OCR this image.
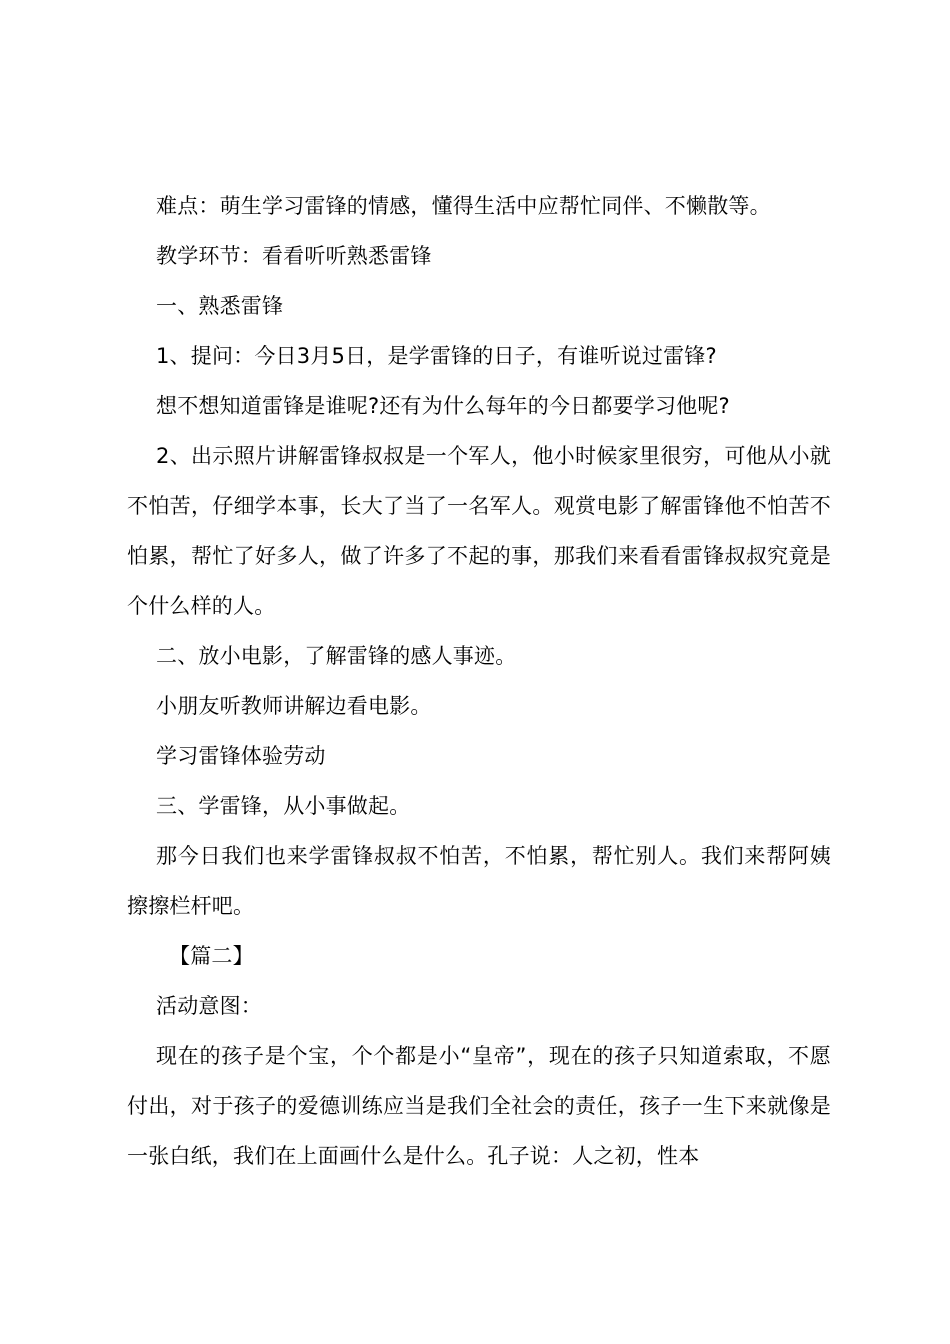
难点：萌生学习雷锋的情感，懂得生活中应帮忙同伴、不懒散等。

教学环节：看看听听熟悉雷锋

一、熟悉雷锋

1、提问：今日3月5日，是学雷锋的日子，有谁听说过雷锋?

想不想知道雷锋是谁呢?还有为什么每年的今日都要学习他呢?

2、出示照片讲解雷锋叔叔是一个军人，他小时候家里很穷，可他从小就不怕苦，仔细学本事，长大了当了一名军人。观赏电影了解雷锋他不怕苦不怕累，帮忙了好多人，做了许多了不起的事，那我们来看看雷锋叔叔究竟是个什么样的人。

二、放小电影，了解雷锋的感人事迹。

小朋友听教师讲解边看电影。

学习雷锋体验劳动

三、学雷锋，从小事做起。

那今日我们也来学雷锋叔叔不怕苦，不怕累，帮忙别人。我们来帮阿姨擦擦栏杆吧。

【篇二】

活动意图：

现在的孩子是个宝，个个都是小“皇帝”，现在的孩子只知道索取，不愿付出，对于孩子的爱德训练应当是我们全社会的责任，孩子一生下来就像是一张白纸，我们在上面画什么是什么。孔子说：人之初，性本
